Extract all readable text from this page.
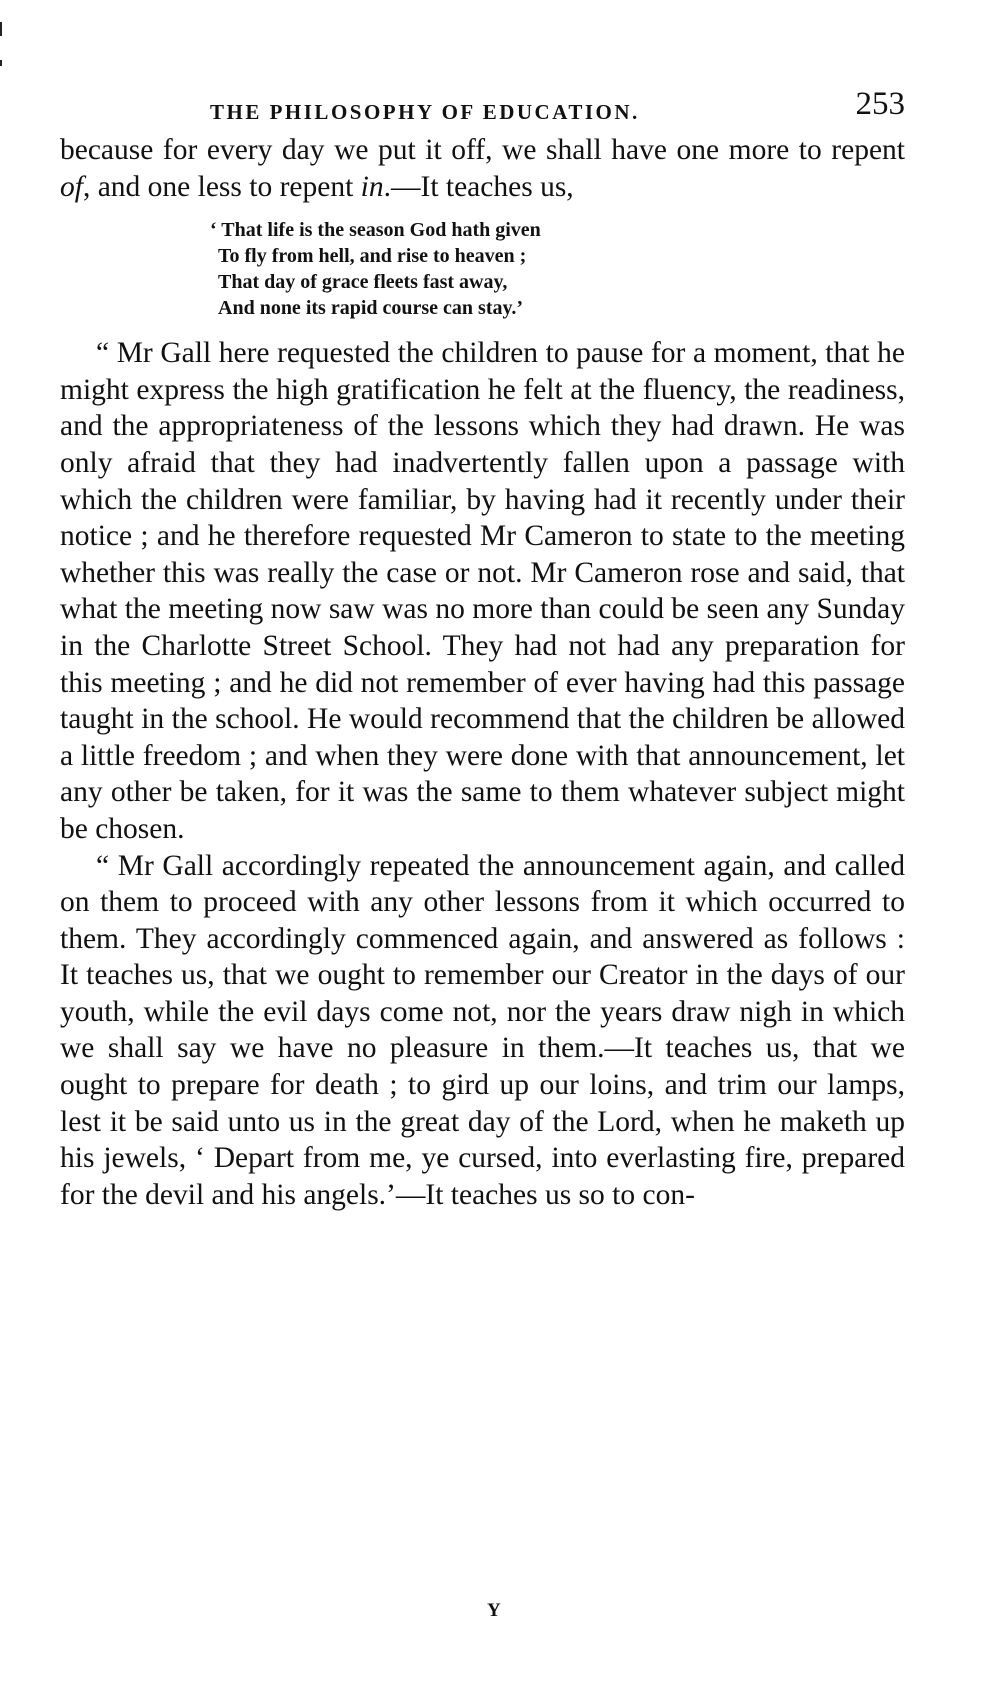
THE PHILOSOPHY OF EDUCATION.	253

because for every day we put it off, we shall have one more to repent of, and one less to repent in.—It teaches us,

‘ That life is the season God hath given
To fly from hell, and rise to heaven ;
That day of grace fleets fast away,
And none its rapid course can stay.’

“ Mr Gall here requested the children to pause for a moment, that he might express the high gratification he felt at the fluency, the readiness, and the appropriateness of the lessons which they had drawn. He was only afraid that they had inadvertently fallen upon a passage with which the children were familiar, by having had it recently under their notice ; and he therefore requested Mr Cameron to state to the meeting whether this was really the case or not. Mr Cameron rose and said, that what the meeting now saw was no more than could be seen any Sunday in the Charlotte Street School. They had not had any preparation for this meeting ; and he did not remember of ever having had this passage taught in the school. He would recommend that the children be allowed a little freedom ; and when they were done with that announcement, let any other be taken, for it was the same to them whatever subject might be chosen.

“ Mr Gall accordingly repeated the announcement again, and called on them to proceed with any other lessons from it which occurred to them. They accordingly commenced again, and answered as follows : It teaches us, that we ought to remember our Creator in the days of our youth, while the evil days come not, nor the years draw nigh in which we shall say we have no pleasure in them.—It teaches us, that we ought to prepare for death ; to gird up our loins, and trim our lamps, lest it be said unto us in the great day of the Lord, when he maketh up his jewels, ‘ Depart from me, ye cursed, into everlasting fire, prepared for the devil and his angels.’—It teaches us so to con-

Y
